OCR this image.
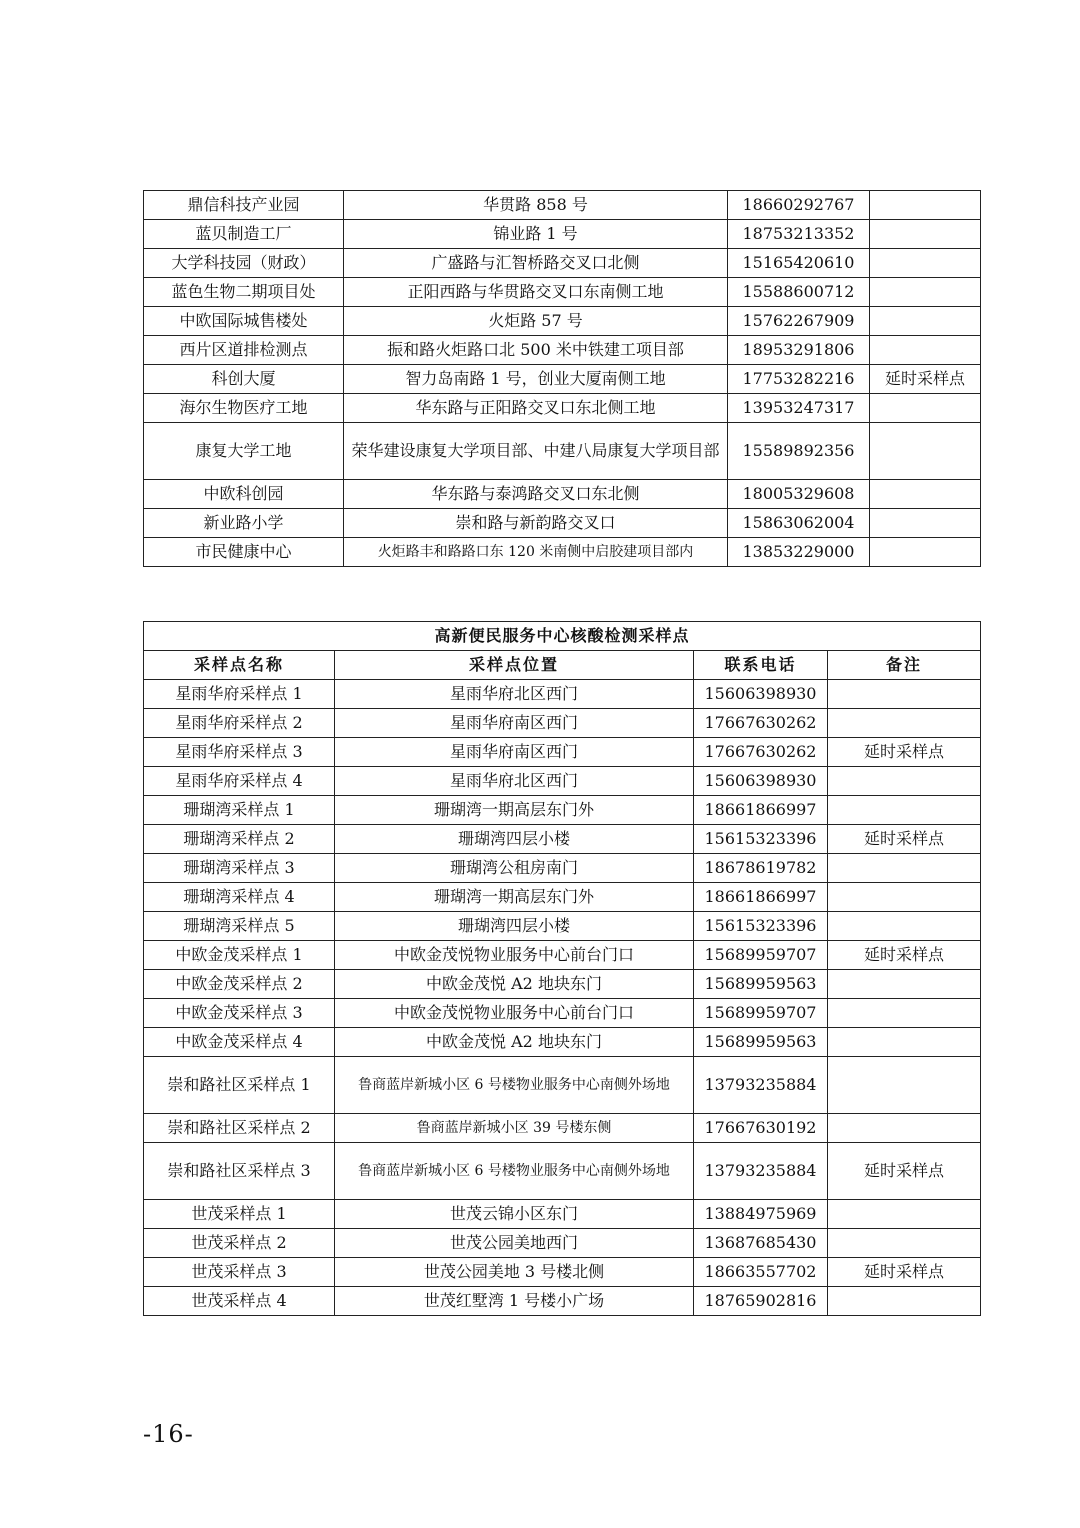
鼎信科技产业园	华贯路 858 号	18660292767	
蓝贝制造工厂	锦业路 1 号	18753213352	
大学科技园（财政）	广盛路与汇智桥路交叉口北侧	15165420610	
蓝色生物二期项目处	正阳西路与华贯路交叉口东南侧工地	15588600712	
中欧国际城售楼处	火炬路 57 号	15762267909	
西片区道排检测点	振和路火炬路口北 500 米中铁建工项目部	18953291806	
科创大厦	智力岛南路 1 号，创业大厦南侧工地	17753282216	延时采样点
海尔生物医疗工地	华东路与正阳路交叉口东北侧工地	13953247317	
康复大学工地	荣华建设康复大学项目部、中建八局康复大学项目部	15589892356	
中欧科创园	华东路与泰鸿路交叉口东北侧	18005329608	
新业路小学	崇和路与新韵路交叉口	15863062004	
市民健康中心	火炬路丰和路路口东 120 米南侧中启胶建项目部内	13853229000	
高新便民服务中心核酸检测采样点			
采样点名称	采样点位置	联系电话	备注
星雨华府采样点 1	星雨华府北区西门	15606398930	
星雨华府采样点 2	星雨华府南区西门	17667630262	
星雨华府采样点 3	星雨华府南区西门	17667630262	延时采样点
星雨华府采样点 4	星雨华府北区西门	15606398930	
珊瑚湾采样点 1	珊瑚湾一期高层东门外	18661866997	
珊瑚湾采样点 2	珊瑚湾四层小楼	15615323396	延时采样点
珊瑚湾采样点 3	珊瑚湾公租房南门	18678619782	
珊瑚湾采样点 4	珊瑚湾一期高层东门外	18661866997	
珊瑚湾采样点 5	珊瑚湾四层小楼	15615323396	
中欧金茂采样点 1	中欧金茂悦物业服务中心前台门口	15689959707	延时采样点
中欧金茂采样点 2	中欧金茂悦 A2 地块东门	15689959563	
中欧金茂采样点 3	中欧金茂悦物业服务中心前台门口	15689959707	
中欧金茂采样点 4	中欧金茂悦 A2 地块东门	15689959563	
崇和路社区采样点 1	鲁商蓝岸新城小区 6 号楼物业服务中心南侧外场地	13793235884	
崇和路社区采样点 2	鲁商蓝岸新城小区 39 号楼东侧	17667630192	
崇和路社区采样点 3	鲁商蓝岸新城小区 6 号楼物业服务中心南侧外场地	13793235884	延时采样点
世茂采样点 1	世茂云锦小区东门	13884975969	
世茂采样点 2	世茂公园美地西门	13687685430	
世茂采样点 3	世茂公园美地 3 号楼北侧	18663557702	延时采样点
世茂采样点 4	世茂红墅湾 1 号楼小广场	18765902816	
-16-
